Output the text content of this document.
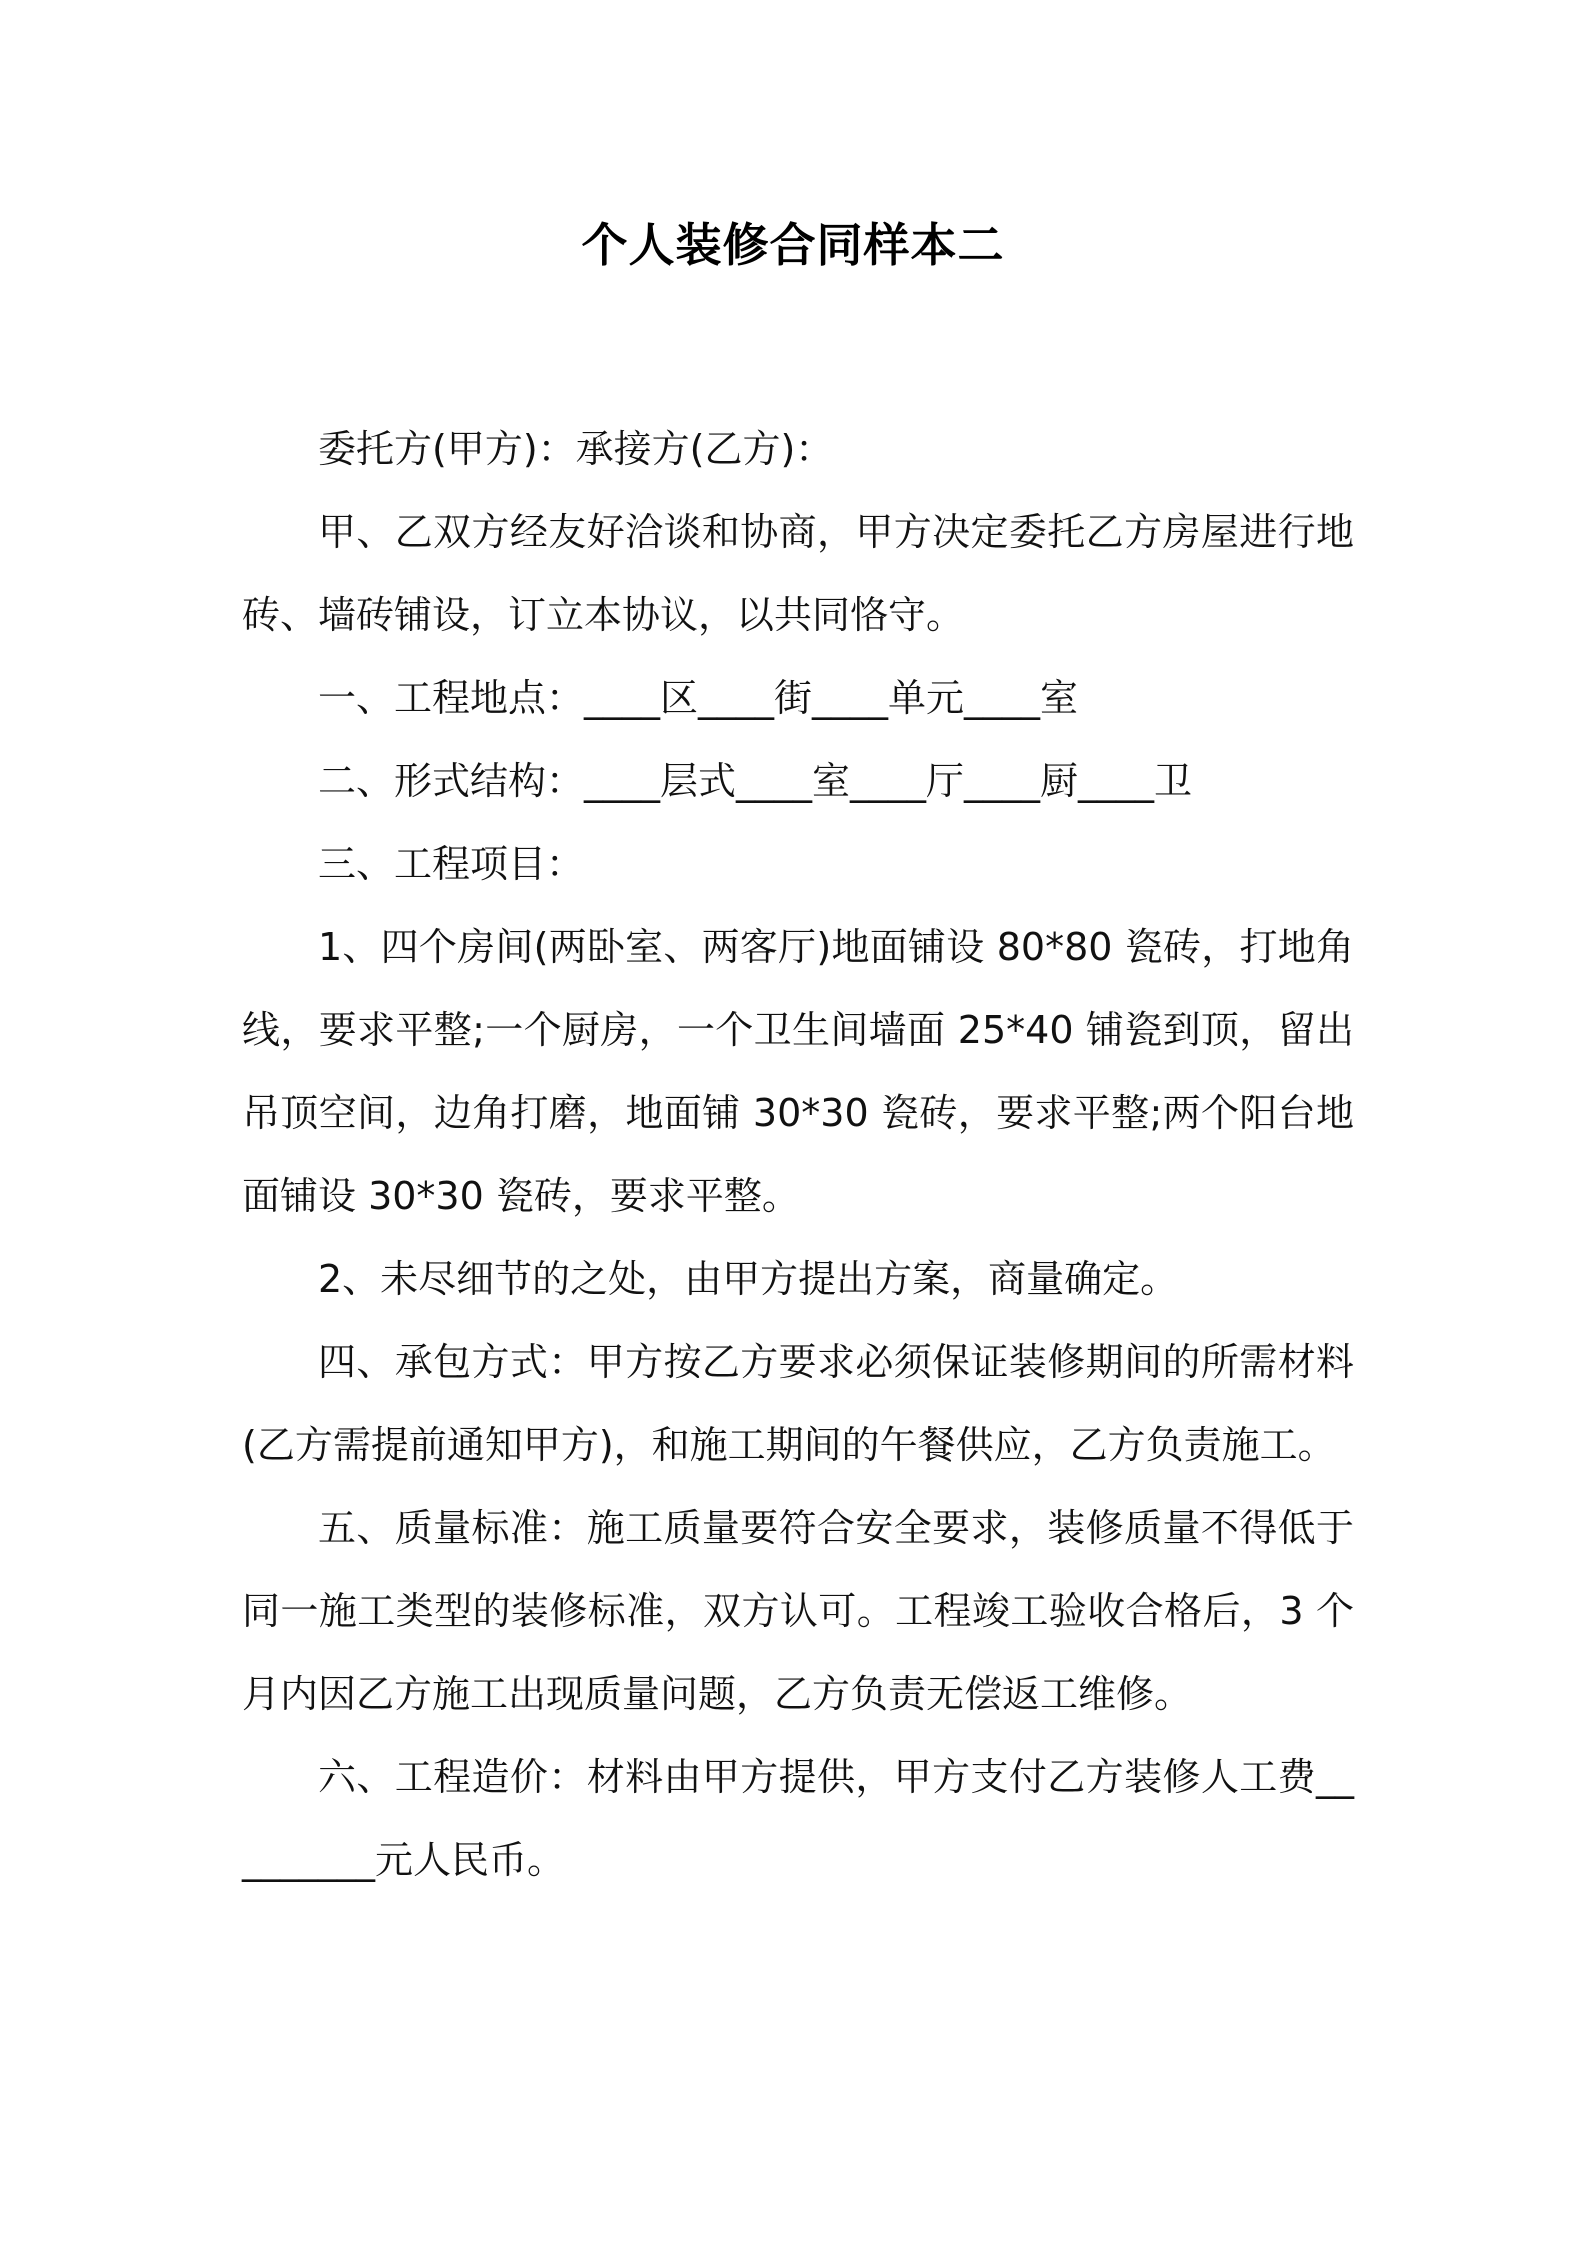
个人装修合同样本二

委托方(甲方)：承接方(乙方)：

甲、乙双方经友好洽谈和协商，甲方决定委托乙方房屋进行地砖、墙砖铺设，订立本协议，以共同恪守。

一、工程地点：____区____街____单元____室

二、形式结构：____层式____室____厅____厨____卫

三、工程项目：

1、四个房间(两卧室、两客厅)地面铺设 80*80 瓷砖，打地角线，要求平整;一个厨房，一个卫生间墙面 25*40 铺瓷到顶，留出吊顶空间，边角打磨，地面铺 30*30 瓷砖，要求平整;两个阳台地面铺设 30*30 瓷砖，要求平整。

2、未尽细节的之处，由甲方提出方案，商量确定。

四、承包方式：甲方按乙方要求必须保证装修期间的所需材料(乙方需提前通知甲方)，和施工期间的午餐供应，乙方负责施工。

五、质量标准：施工质量要符合安全要求，装修质量不得低于同一施工类型的装修标准，双方认可。工程竣工验收合格后，3 个月内因乙方施工出现质量问题，乙方负责无偿返工维修。

六、工程造价：材料由甲方提供，甲方支付乙方装修人工费_________元人民币。
